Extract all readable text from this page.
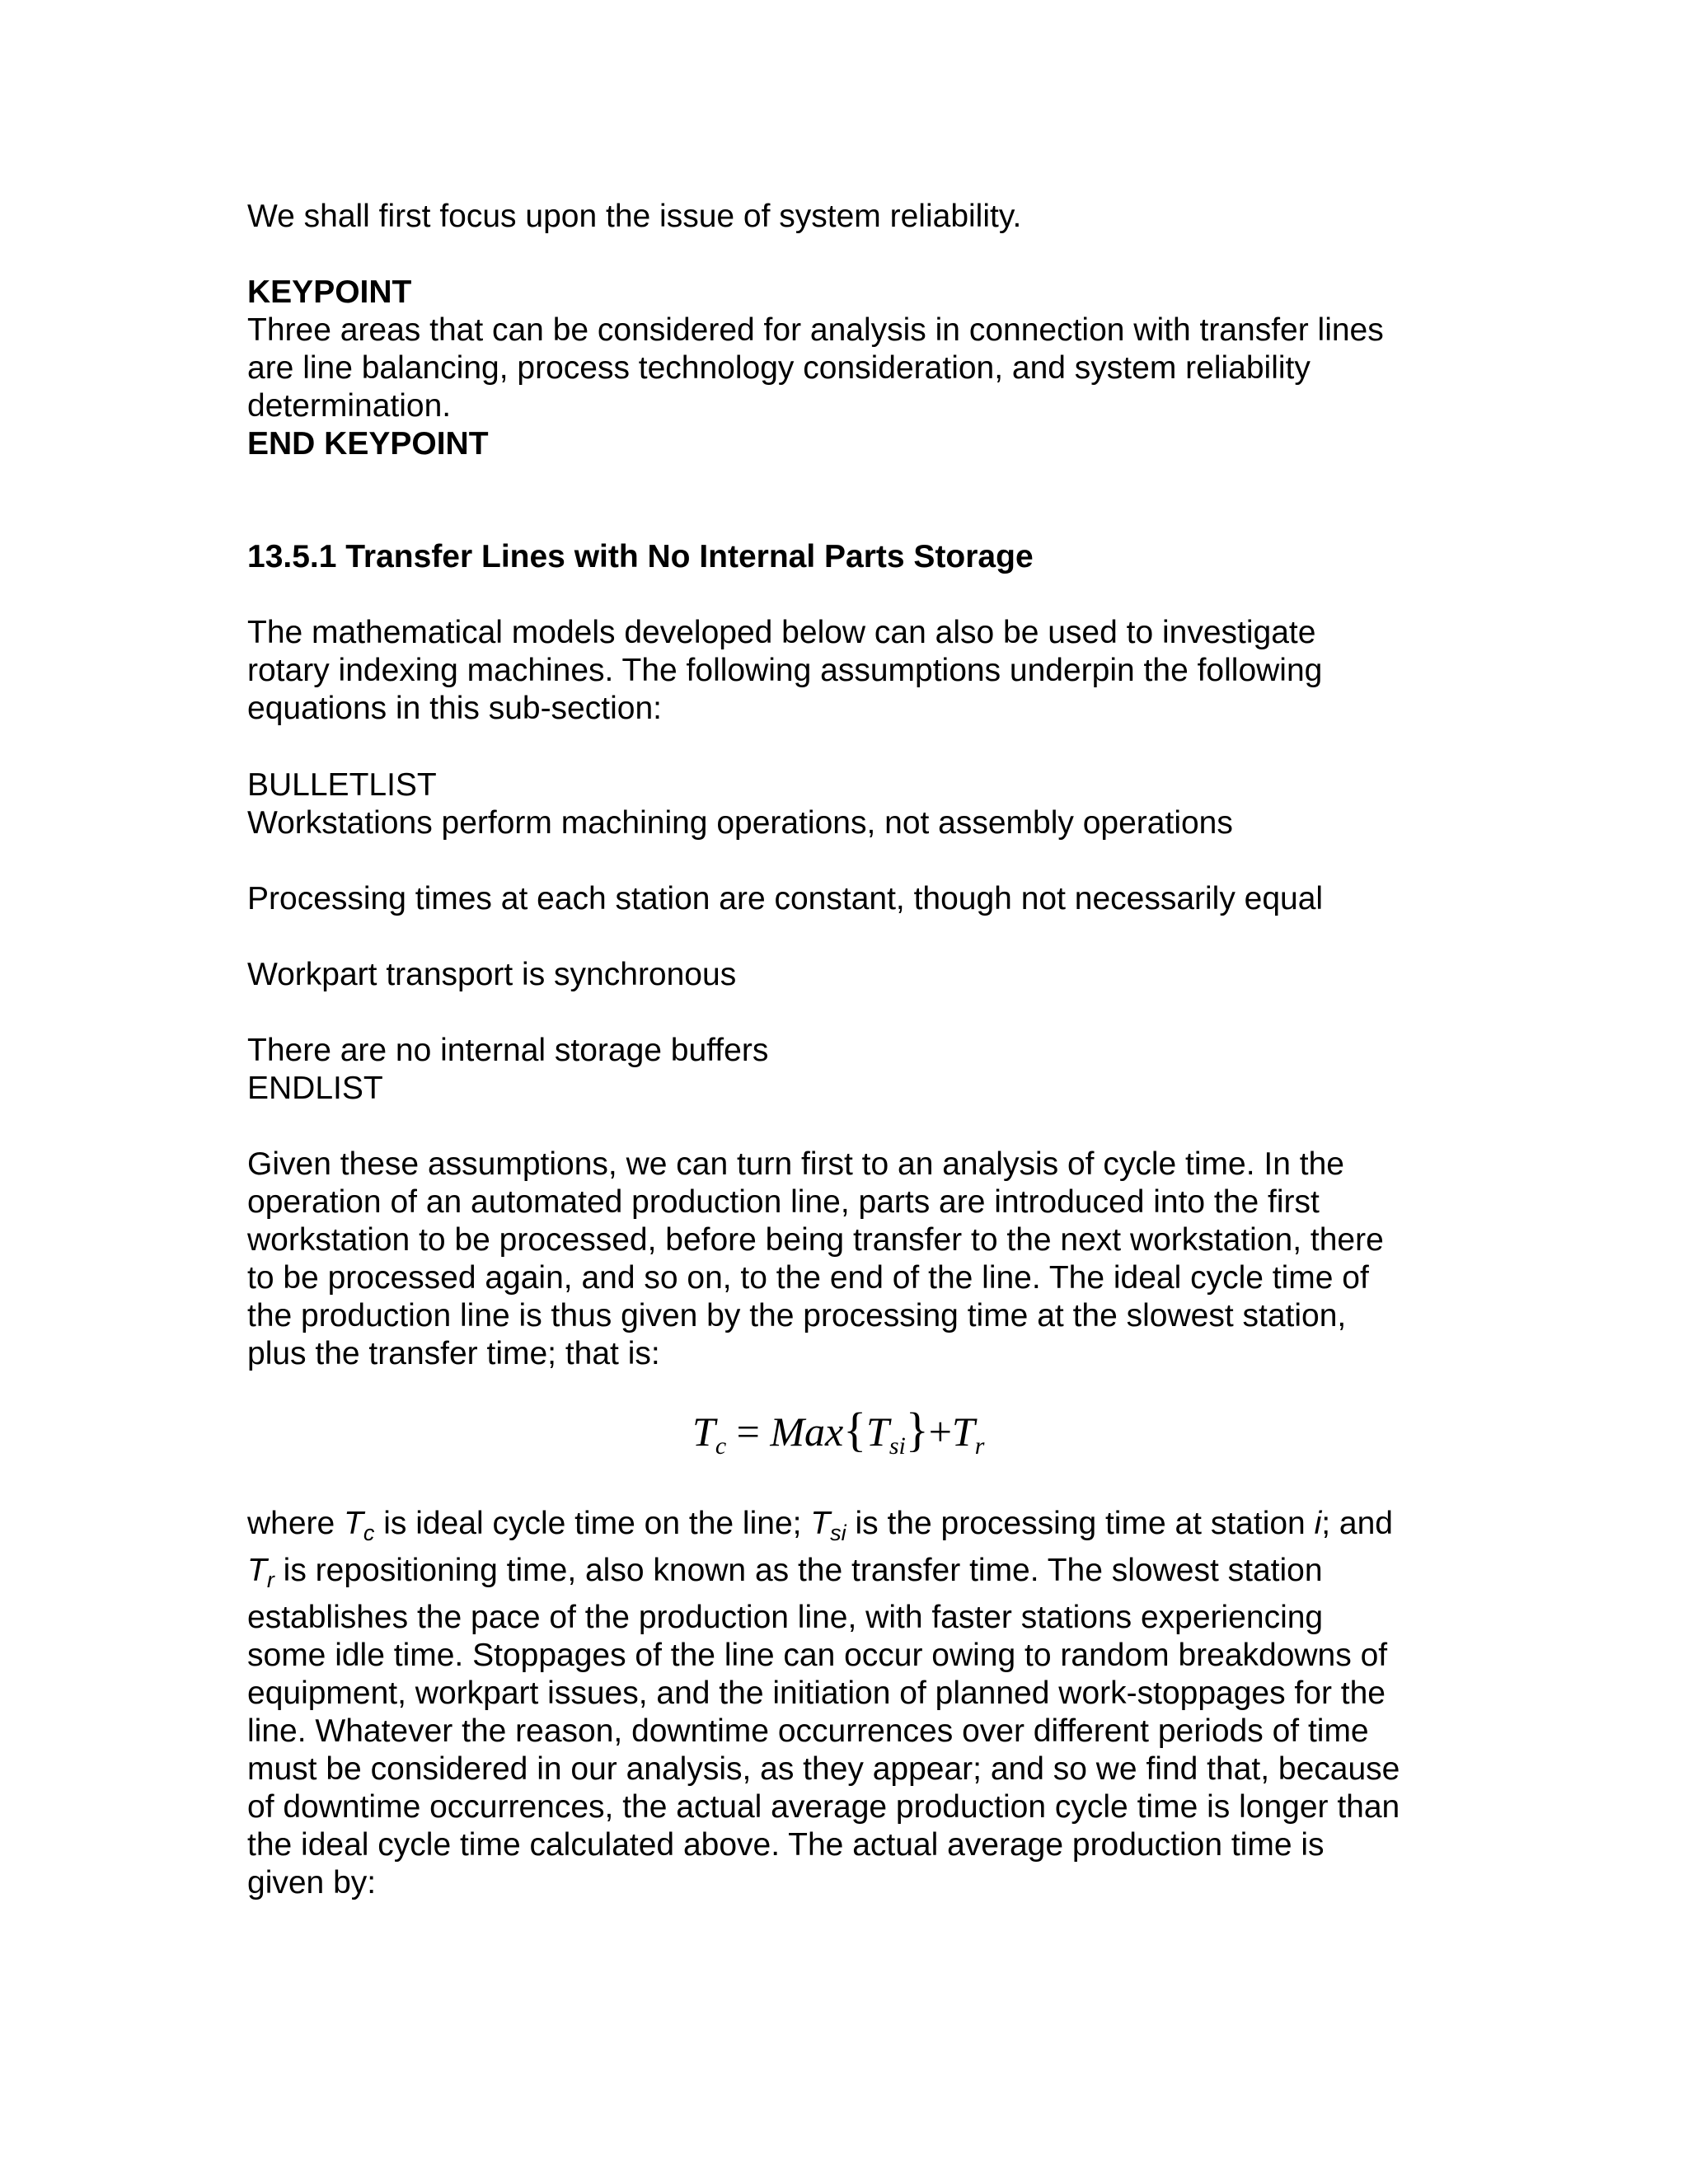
We shall first focus upon the issue of system reliability.

KEYPOINT

Three areas that can be considered for analysis in connection with transfer lines

are line balancing, process technology consideration, and system reliability

determination.

END KEYPOINT

13.5.1 Transfer Lines with No Internal Parts Storage

The mathematical models developed below can also be used to investigate

rotary indexing machines. The following assumptions underpin the following

equations in this sub-section:

BULLETLIST

Workstations perform machining operations, not assembly operations

Processing times at each station are constant, though not necessarily equal

Workpart transport is synchronous

There are no internal storage buffers

ENDLIST

Given these assumptions, we can turn first to an analysis of cycle time. In the

operation of an automated production line, parts are introduced into the first

workstation to be processed, before being transfer to the next workstation, there

to be processed again, and so on, to the end of the line. The ideal cycle time of

the production line is thus given by the processing time at the slowest station,

plus the transfer time; that is:

$T_c = Max\{T_{si}\}+T_r$

where $T_c$ is ideal cycle time on the line; $T_{si}$ is the processing time at station i; and

$T_r$ is repositioning time, also known as the transfer time. The slowest station

establishes the pace of the production line, with faster stations experiencing

some idle time. Stoppages of the line can occur owing to random breakdowns of

equipment, workpart issues, and the initiation of planned work-stoppages for the

line. Whatever the reason, downtime occurrences over different periods of time

must be considered in our analysis, as they appear; and so we find that, because

of downtime occurrences, the actual average production cycle time is longer than

the ideal cycle time calculated above. The actual average production time is

given by:
